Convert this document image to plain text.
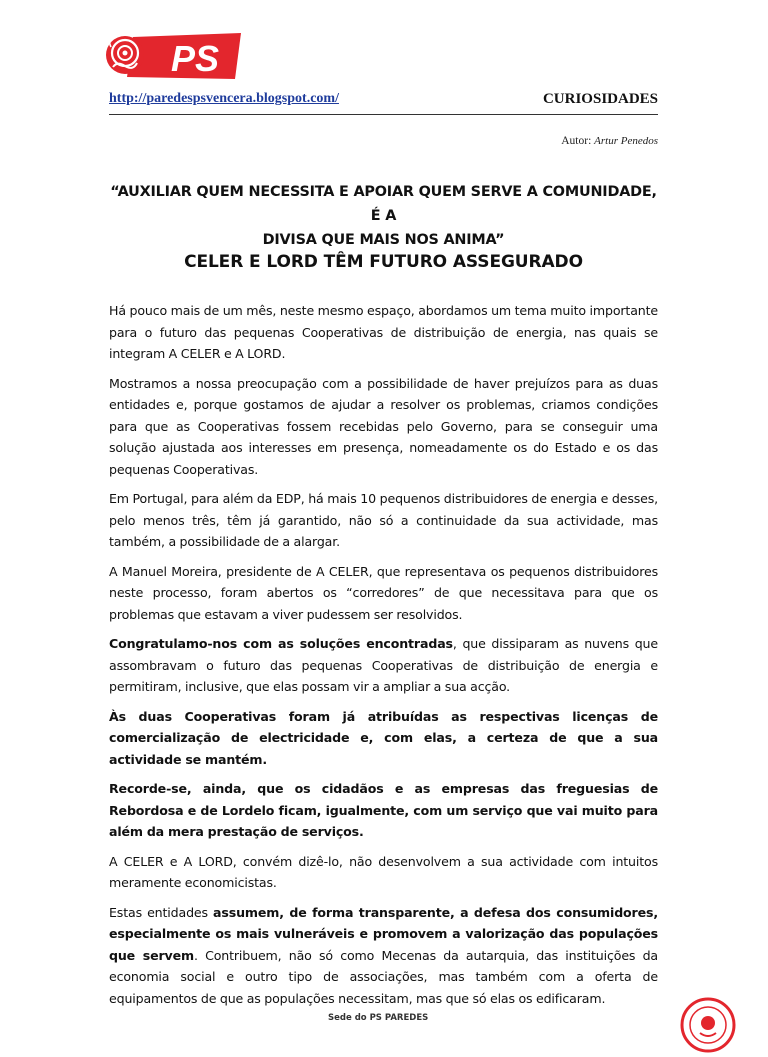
PS
http://paredespsvencera.blogspot.com/	CURIOSIDADES
Autor: Artur Penedos
“AUXILIAR QUEM NECESSITA E APOIAR QUEM SERVE A COMUNIDADE, É A
DIVISA QUE MAIS NOS ANIMA”
CELER E LORD TÊM FUTURO ASSEGURADO

Há pouco mais de um mês, neste mesmo espaço, abordamos um tema muito importante para o futuro das pequenas Cooperativas de distribuição de energia, nas quais se integram A CELER e A LORD.

Mostramos a nossa preocupação com a possibilidade de haver prejuízos para as duas entidades e, porque gostamos de ajudar a resolver os problemas, criamos condições para que as Cooperativas fossem recebidas pelo Governo, para se conseguir uma solução ajustada aos interesses em presença, nomeadamente os do Estado e os das pequenas Cooperativas.

Em Portugal, para além da EDP, há mais 10 pequenos distribuidores de energia e desses, pelo menos três, têm já garantido, não só a continuidade da sua actividade, mas também, a possibilidade de a alargar.

A Manuel Moreira, presidente de A CELER, que representava os pequenos distribuidores neste processo, foram abertos os “corredores” de que necessitava para que os problemas que estavam a viver pudessem ser resolvidos.

Congratulamo-nos com as soluções encontradas, que dissiparam as nuvens que assombravam o futuro das pequenas Cooperativas de distribuição de energia e permitiram, inclusive, que elas possam vir a ampliar a sua acção.

Às duas Cooperativas foram já atribuídas as respectivas licenças de comercialização de electricidade e, com elas, a certeza de que a sua actividade se mantém.

Recorde-se, ainda, que os cidadãos e as empresas das freguesias de Rebordosa e de Lordelo ficam, igualmente, com um serviço que vai muito para além da mera prestação de serviços.

A CELER e A LORD, convém dizê-lo, não desenvolvem a sua actividade com intuitos meramente economicistas.

Estas entidades assumem, de forma transparente, a defesa dos consumidores, especialmente os mais vulneráveis e promovem a valorização das populações que servem. Contribuem, não só como Mecenas da autarquia, das instituições da economia social e outro tipo de associações, mas também com a oferta de equipamentos de que as populações necessitam, mas que só elas os edificaram.

Sede do PS PAREDES
